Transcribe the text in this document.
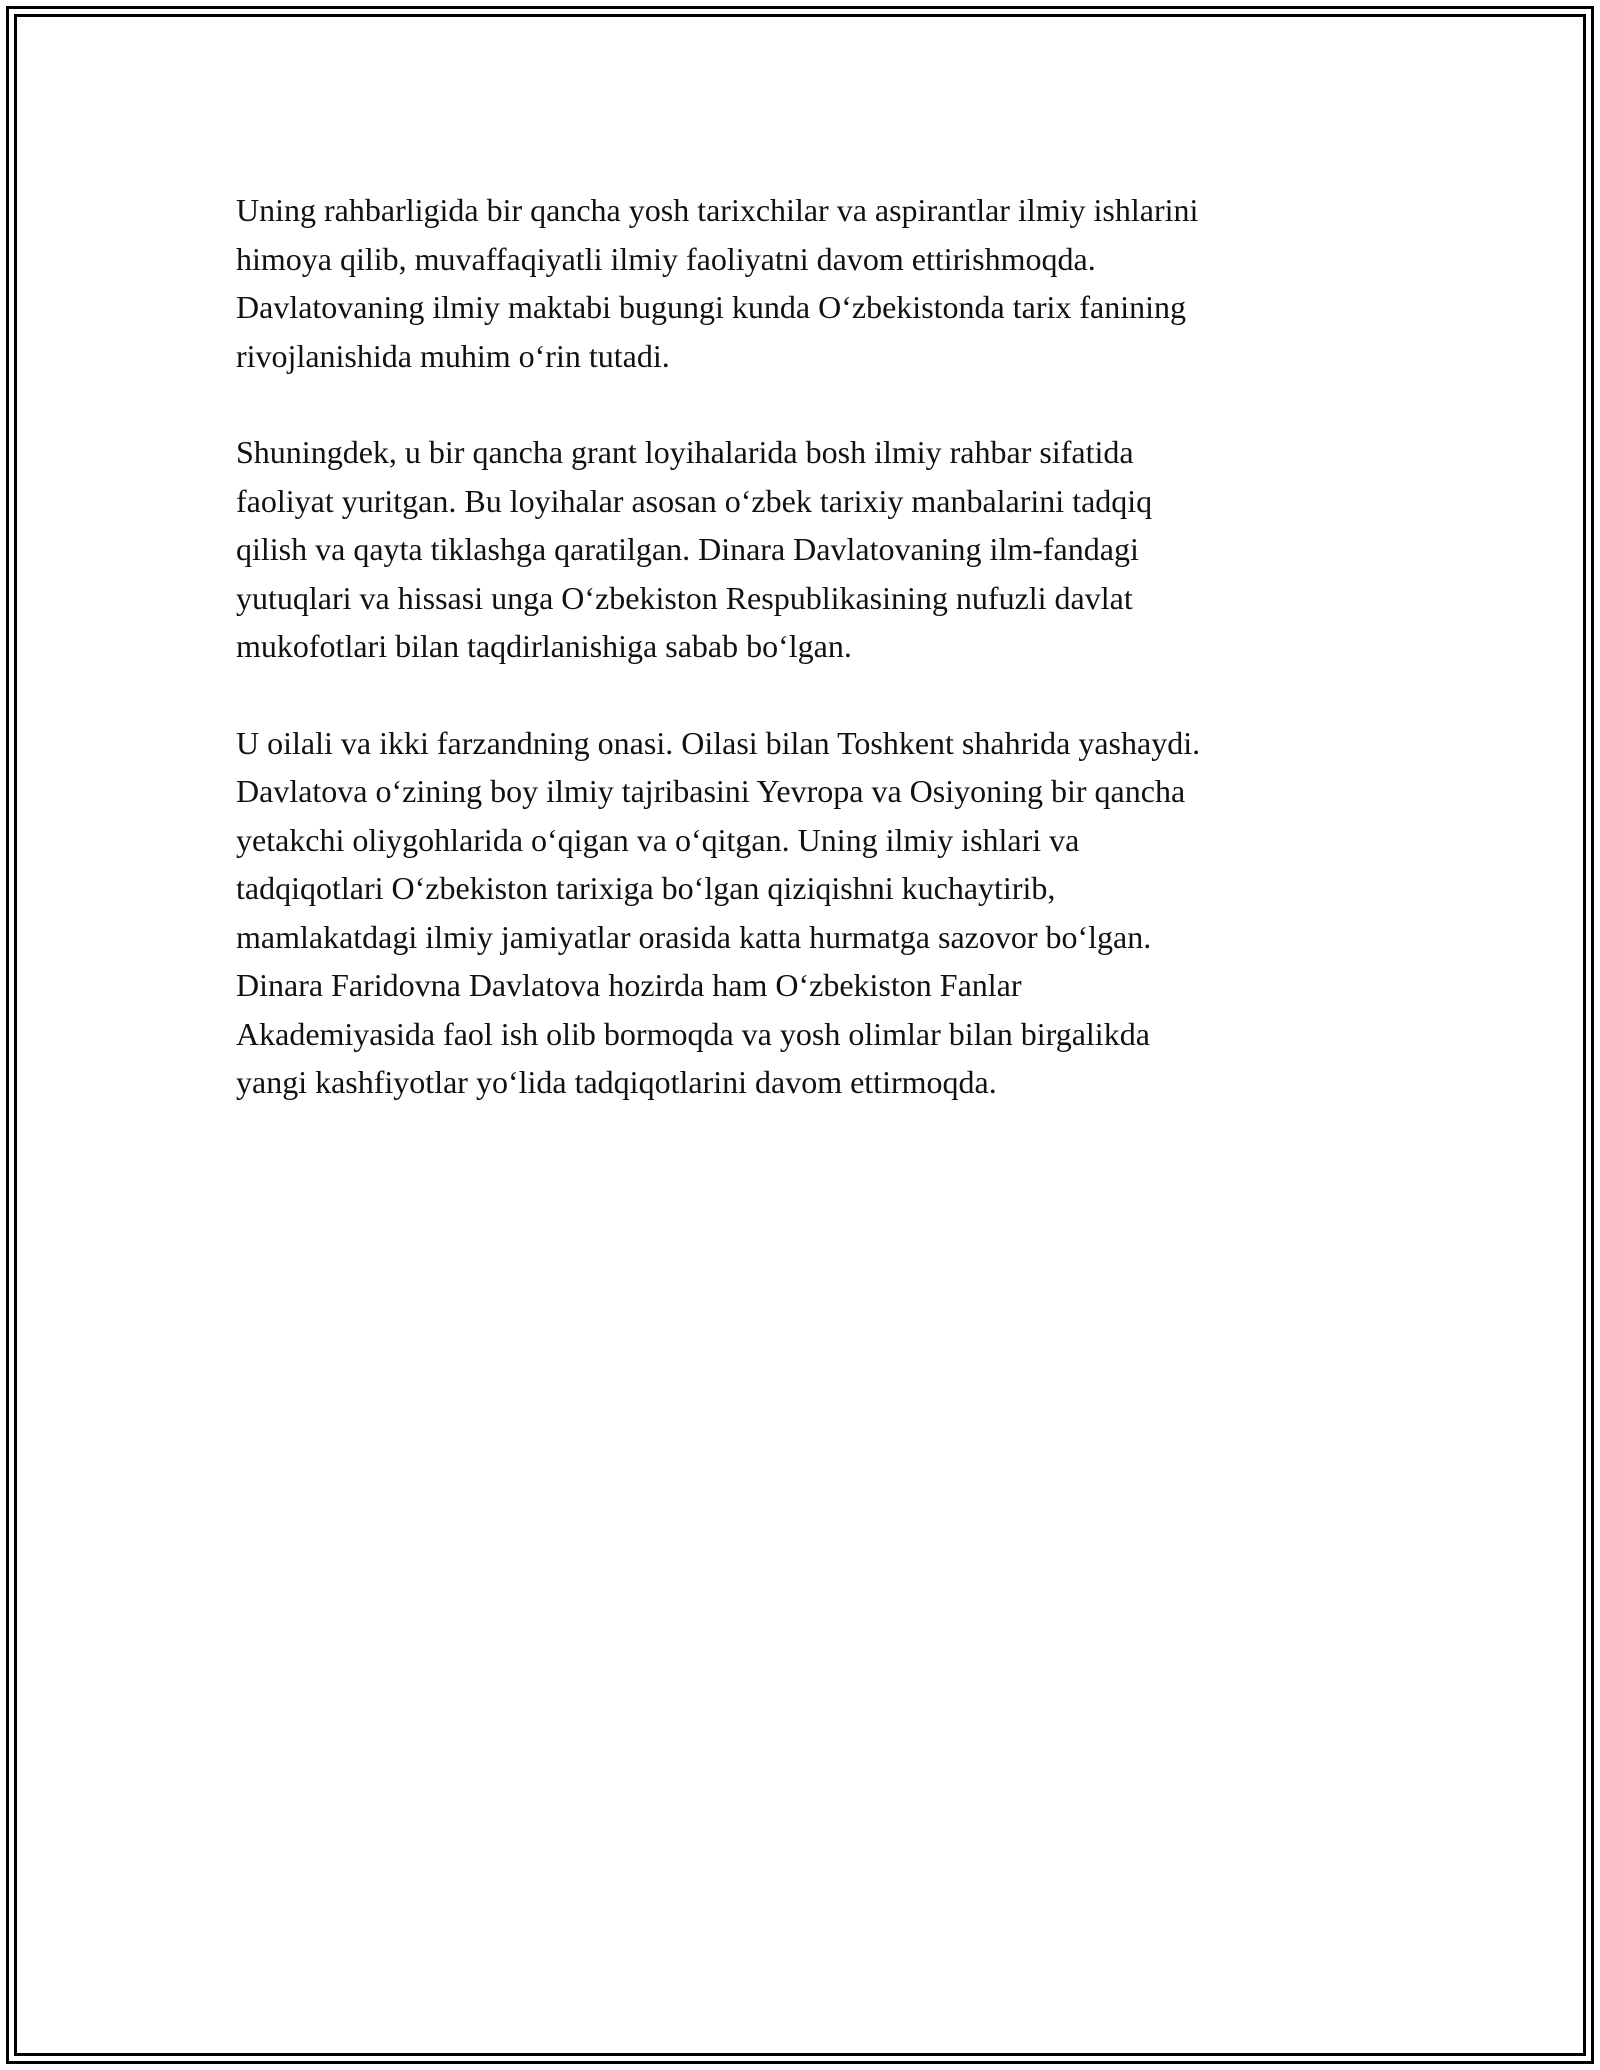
Uning rahbarligida bir qancha yosh tarixchilar va aspirantlar ilmiy ishlarini
himoya qilib, muvaffaqiyatli ilmiy faoliyatni davom ettirishmoqda.
Davlatovaning ilmiy maktabi bugungi kunda O‘zbekistonda tarix fanining
rivojlanishida muhim o‘rin tutadi.

Shuningdek, u bir qancha grant loyihalarida bosh ilmiy rahbar sifatida
faoliyat yuritgan. Bu loyihalar asosan o‘zbek tarixiy manbalarini tadqiq
qilish va qayta tiklashga qaratilgan. Dinara Davlatovaning ilm-fandagi
yutuqlari va hissasi unga O‘zbekiston Respublikasining nufuzli davlat
mukofotlari bilan taqdirlanishiga sabab bo‘lgan.

U oilali va ikki farzandning onasi. Oilasi bilan Toshkent shahrida yashaydi.
Davlatova o‘zining boy ilmiy tajribasini Yevropa va Osiyoning bir qancha
yetakchi oliygohlarida o‘qigan va o‘qitgan. Uning ilmiy ishlari va
tadqiqotlari O‘zbekiston tarixiga bo‘lgan qiziqishni kuchaytirib,
mamlakatdagi ilmiy jamiyatlar orasida katta hurmatga sazovor bo‘lgan.
Dinara Faridovna Davlatova hozirda ham O‘zbekiston Fanlar
Akademiyasida faol ish olib bormoqda va yosh olimlar bilan birgalikda
yangi kashfiyotlar yo‘lida tadqiqotlarini davom ettirmoqda.
